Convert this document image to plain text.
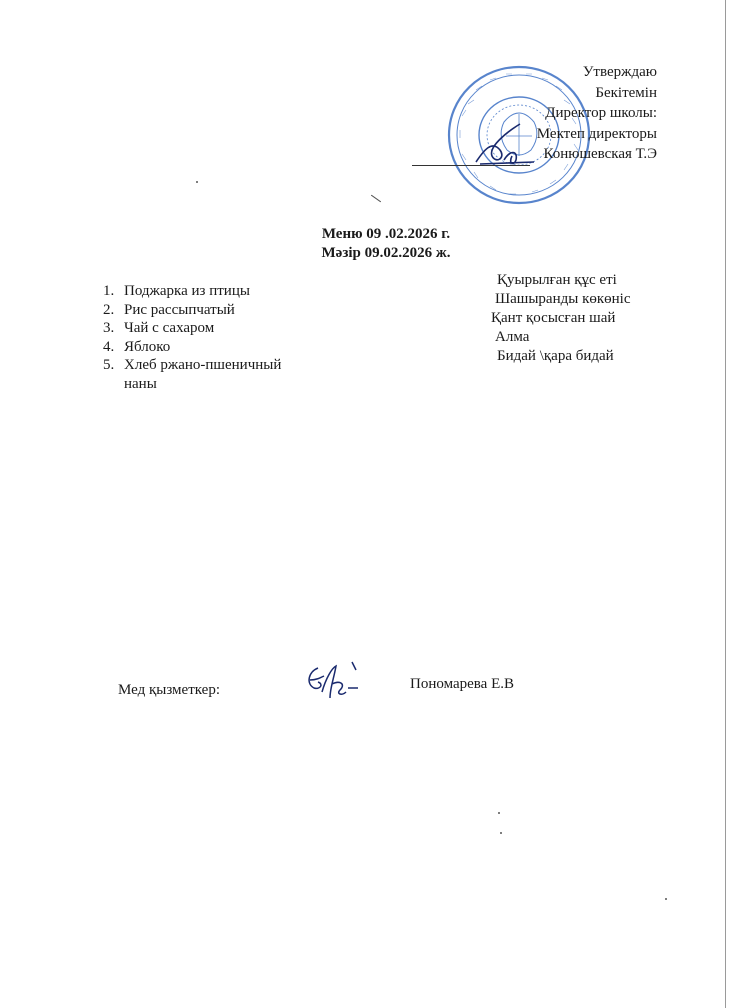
Утверждаю
Бекітемін
Директор школы:
Мектеп директоры
Конюшевская Т.Э
Меню 09 .02.2026 г.
Мәзір 09.02.2026 ж.
1. Поджарка из птицы
2. Рис рассыпчатый
3. Чай с сахаром
4. Яблоко
5. Хлеб ржано-пшеничный
наны
Қуырылған құс еті
Шашыранды көкөніс
Қант қосысған шай
Алма
Бидай \қара бидай
Мед қызметкер:	Пономарева Е.В
